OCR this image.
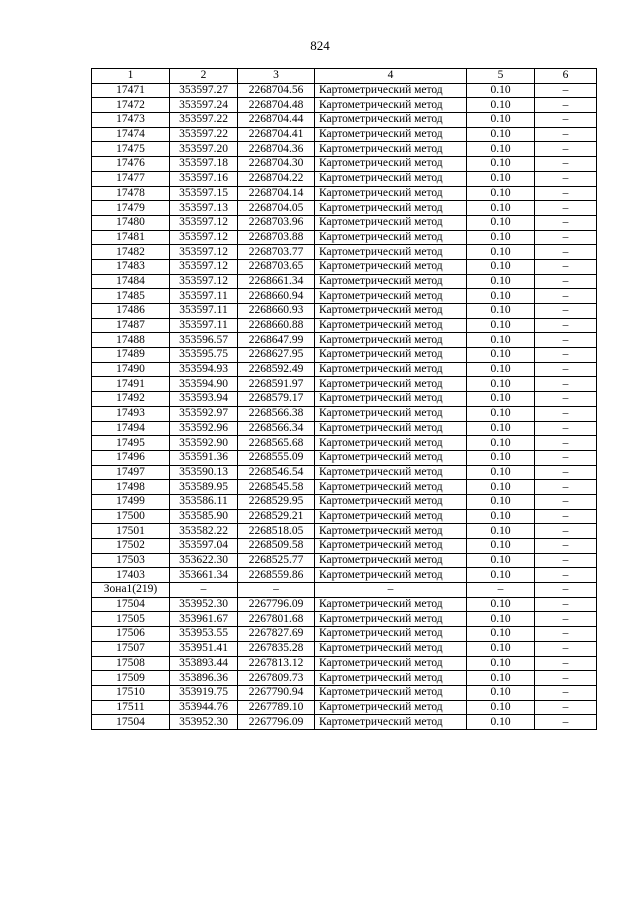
824
1	2	3	4	5	6
17471	353597.27	2268704.56	Картометрический метод	0.10	–
17472	353597.24	2268704.48	Картометрический метод	0.10	–
17473	353597.22	2268704.44	Картометрический метод	0.10	–
17474	353597.22	2268704.41	Картометрический метод	0.10	–
17475	353597.20	2268704.36	Картометрический метод	0.10	–
17476	353597.18	2268704.30	Картометрический метод	0.10	–
17477	353597.16	2268704.22	Картометрический метод	0.10	–
17478	353597.15	2268704.14	Картометрический метод	0.10	–
17479	353597.13	2268704.05	Картометрический метод	0.10	–
17480	353597.12	2268703.96	Картометрический метод	0.10	–
17481	353597.12	2268703.88	Картометрический метод	0.10	–
17482	353597.12	2268703.77	Картометрический метод	0.10	–
17483	353597.12	2268703.65	Картометрический метод	0.10	–
17484	353597.12	2268661.34	Картометрический метод	0.10	–
17485	353597.11	2268660.94	Картометрический метод	0.10	–
17486	353597.11	2268660.93	Картометрический метод	0.10	–
17487	353597.11	2268660.88	Картометрический метод	0.10	–
17488	353596.57	2268647.99	Картометрический метод	0.10	–
17489	353595.75	2268627.95	Картометрический метод	0.10	–
17490	353594.93	2268592.49	Картометрический метод	0.10	–
17491	353594.90	2268591.97	Картометрический метод	0.10	–
17492	353593.94	2268579.17	Картометрический метод	0.10	–
17493	353592.97	2268566.38	Картометрический метод	0.10	–
17494	353592.96	2268566.34	Картометрический метод	0.10	–
17495	353592.90	2268565.68	Картометрический метод	0.10	–
17496	353591.36	2268555.09	Картометрический метод	0.10	–
17497	353590.13	2268546.54	Картометрический метод	0.10	–
17498	353589.95	2268545.58	Картометрический метод	0.10	–
17499	353586.11	2268529.95	Картометрический метод	0.10	–
17500	353585.90	2268529.21	Картометрический метод	0.10	–
17501	353582.22	2268518.05	Картометрический метод	0.10	–
17502	353597.04	2268509.58	Картометрический метод	0.10	–
17503	353622.30	2268525.77	Картометрический метод	0.10	–
17403	353661.34	2268559.86	Картометрический метод	0.10	–
Зона1(219)	–	–	–	–	–
17504	353952.30	2267796.09	Картометрический метод	0.10	–
17505	353961.67	2267801.68	Картометрический метод	0.10	–
17506	353953.55	2267827.69	Картометрический метод	0.10	–
17507	353951.41	2267835.28	Картометрический метод	0.10	–
17508	353893.44	2267813.12	Картометрический метод	0.10	–
17509	353896.36	2267809.73	Картометрический метод	0.10	–
17510	353919.75	2267790.94	Картометрический метод	0.10	–
17511	353944.76	2267789.10	Картометрический метод	0.10	–
17504	353952.30	2267796.09	Картометрический метод	0.10	–
